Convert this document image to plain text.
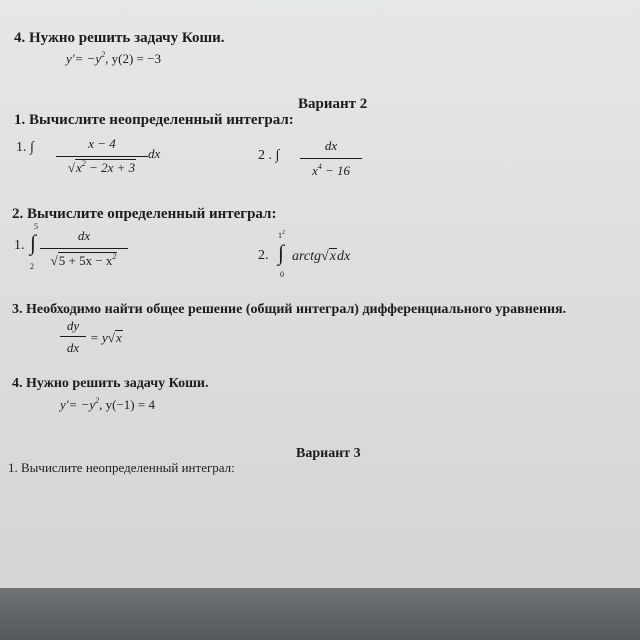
4. Нужно решить задачу Коши.
$y'= -y^2$, y(2) = −3
Вариант 2
1. Вычислите неопределенный интеграл:
1. ∫	x − 4
$√x^2 - 2x + 3$
dx	2 . ∫
dx
$x^4 - 16$
2. Вычислите определенный интеграл:
1.
5
∫
2
dx
$√5 + 5x - x^2$	2.
$1^2$
∫
0
arctg√xdx
3. Необходимо найти общее решение (общий интеграл) дифференциального уравнения.
dy
dx
= y√x
4. Нужно решить задачу Коши.
$y'= -y^2$, y(−1) = 4
Вариант 3
1. Вычислите неопределенный интеграл:
